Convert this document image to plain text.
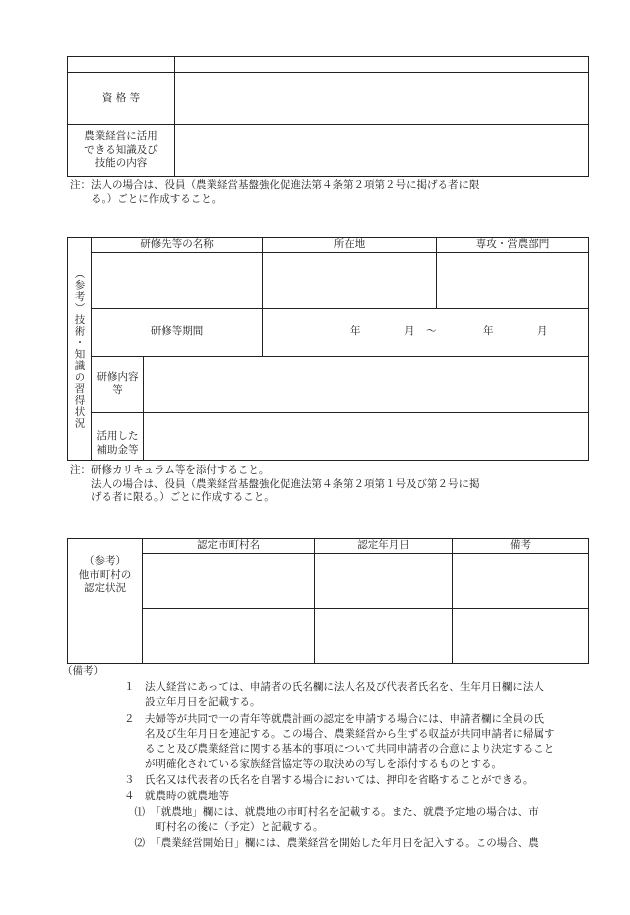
資 格 等	

農業経営に活用
できる知識及び
技能の内容	

注：法人の場合は、役員（農業経営基盤強化促進法第４条第２項第２号に掲げる者に限
　　る。）ごとに作成すること。
（参考）技術・知識の習得状況	研修先等の名称		所在地	専攻・営農部門

	研修等期間		年 月 ～ 年 月	

	研修内容等			

	活用した
補助金等			

注：研修カリキュラム等を添付すること。
　　法人の場合は、役員（農業経営基盤強化促進法第４条第２項第１号及び第２号に掲
　　げる者に限る。）ごとに作成すること。
（参考）
他市町村の
認定状況	認定市町村名	認定年月日	備考

（備考）
１　法人経営にあっては、申請者の氏名欄に法人名及び代表者氏名を、生年月日欄に法人
　　設立年月日を記載する。
２　夫婦等が共同で一の青年等就農計画の認定を申請する場合には、申請者欄に全員の氏
　　名及び生年月日を連記する。この場合、農業経営から生ずる収益が共同申請者に帰属す
　　ること及び農業経営に関する基本的事項について共同申請者の合意により決定すること
　　が明確化されている家族経営協定等の取決めの写しを添付するものとする。
３　氏名又は代表者の氏名を自署する場合においては、押印を省略することができる。
４　就農時の就農地等
　⑴　「就農地」欄には、就農地の市町村名を記載する。また、就農予定地の場合は、市
　　　町村名の後に（予定）と記載する。
　⑵　「農業経営開始日」欄には、農業経営を開始した年月日を記入する。この場合、農
